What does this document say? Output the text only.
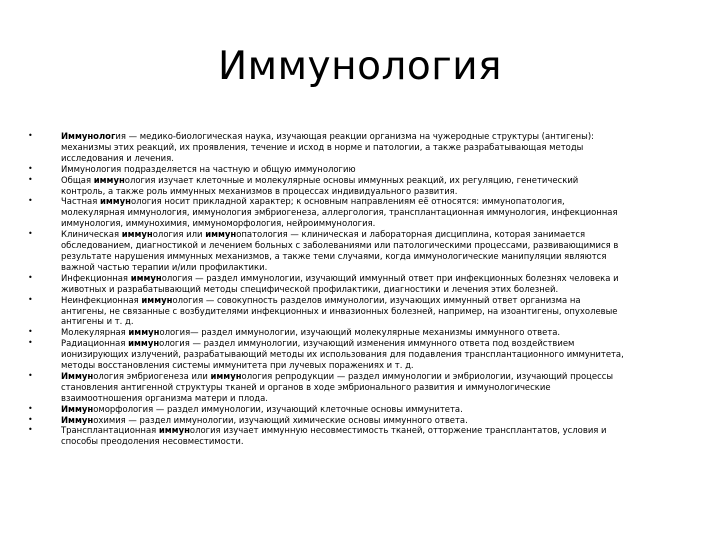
Иммунология
•	Иммунология — медико-биологическая наука, изучающая реакции организма на чужеродные структуры (антигены): механизмы этих реакций, их проявления, течение и исход в норме и патологии, а также разрабатывающая методы исследования и лечения.
•	Иммунология подразделяется на частную и общую иммунологию
•	Общая иммунология изучает клеточные и молекулярные основы иммунных реакций, их регуляцию, генетический контроль, а также роль иммунных механизмов в процессах индивидуального развития.
•	Частная иммунология носит прикладной характер; к основным направлениям её относятся: иммунопатология, молекулярная иммунология, иммунология эмбриогенеза, аллергология, трансплантационная иммунология, инфекционная иммунология, иммунохимия, иммуноморфология, нейроиммунология.
•	Клиническая иммунология или иммунопатология — клиническая и лабораторная дисциплина, которая занимается обследованием, диагностикой и лечением больных с заболеваниями или патологическими процессами, развивающимися в результате нарушения иммунных механизмов, а также теми случаями, когда иммунологические манипуляции являются важной частью терапии и/или профилактики.
•	Инфекционная иммунология — раздел иммунологии, изучающий иммунный ответ при инфекционных болезнях человека и животных и разрабатывающий методы специфической профилактики, диагностики и лечения этих болезней.
•	Неинфекционная иммунология — совокупность разделов иммунологии, изучающих иммунный ответ организма на антигены, не связанные с возбудителями инфекционных и инвазионных болезней, например, на изоантигены, опухолевые антигены и т. д.
•	Молекулярная иммунология— раздел иммунологии, изучающий молекулярные механизмы иммунного ответа.
•	Радиационная иммунология — раздел иммунологии, изучающий изменения иммунного ответа под воздействием ионизирующих излучений, разрабатывающий методы их использования для подавления трансплантационного иммунитета, методы восстановления системы иммунитета при лучевых поражениях и т. д.
•	Иммунология эмбриогенеза или иммунология репродукции — раздел иммунологии и эмбриологии, изучающий процессы становления антигенной структуры тканей и органов в ходе эмбрионального развития и иммунологические взаимоотношения организма матери и плода.
•	Иммуноморфология — раздел иммунологии, изучающий клеточные основы иммунитета.
•	Иммунохимия — раздел иммунологии, изучающий химические основы иммунного ответа.
•	Трансплантационная иммунология изучает иммунную несовместимость тканей, отторжение трансплантатов, условия и способы преодоления несовместимости.
